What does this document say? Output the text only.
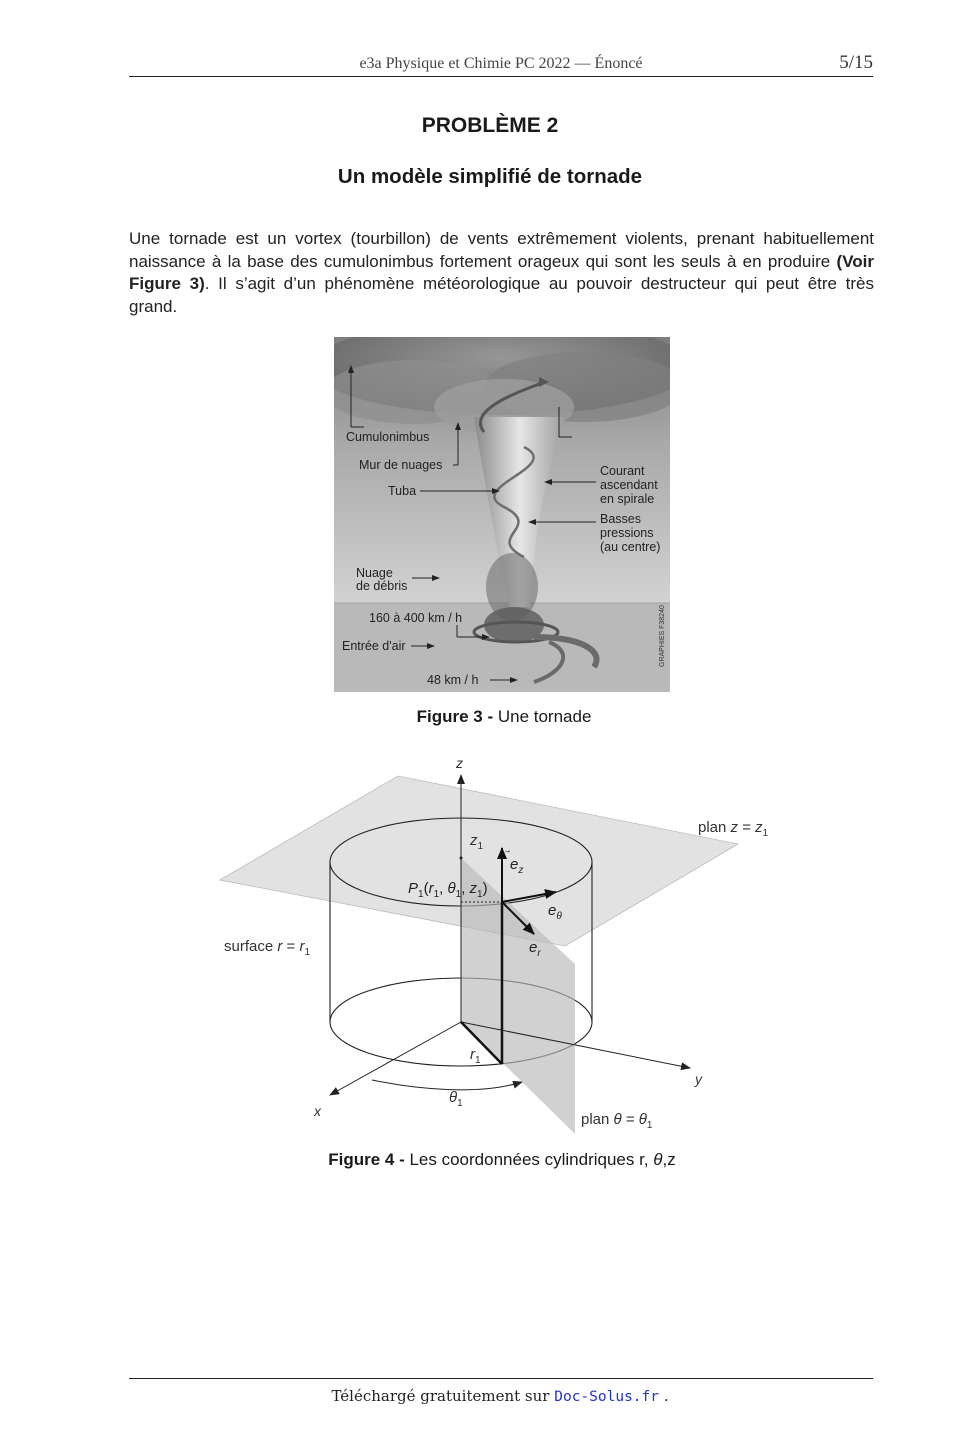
e3a Physique et Chimie PC 2022 — Énoncé	5/15
PROBLÈME 2
Un modèle simplifié de tornade
Une tornade est un vortex (tourbillon) de vents extrêmement violents, prenant habituellement naissance à la base des cumulonimbus fortement orageux qui sont les seuls à en produire (Voir Figure 3). Il s’agit d’un phénomène météorologique au pouvoir destructeur qui peut être très grand.
Cumulonimbus
Mur de nuages
Tuba
Courant
ascendant
en spirale
Basses
pressions
(au centre)
Nuage
de débris
160 à 400 km / h
Entrée d'air
48 km / h
GRAPHIES F38240
Figure 3 - Une tornade
z
y
x
$z_1$
plan $z = z_1$
$P_1(r_1$, $\theta_1$, $z_1$)
$e_z$
$e_\theta$
$e_r$
surface $r = r_1$
$r_1$
$\theta_1$
plan $\theta = \theta_1$
Figure 4 - Les coordonnées cylindriques r, θ,z
Téléchargé gratuitement sur Doc-Solus.fr .
